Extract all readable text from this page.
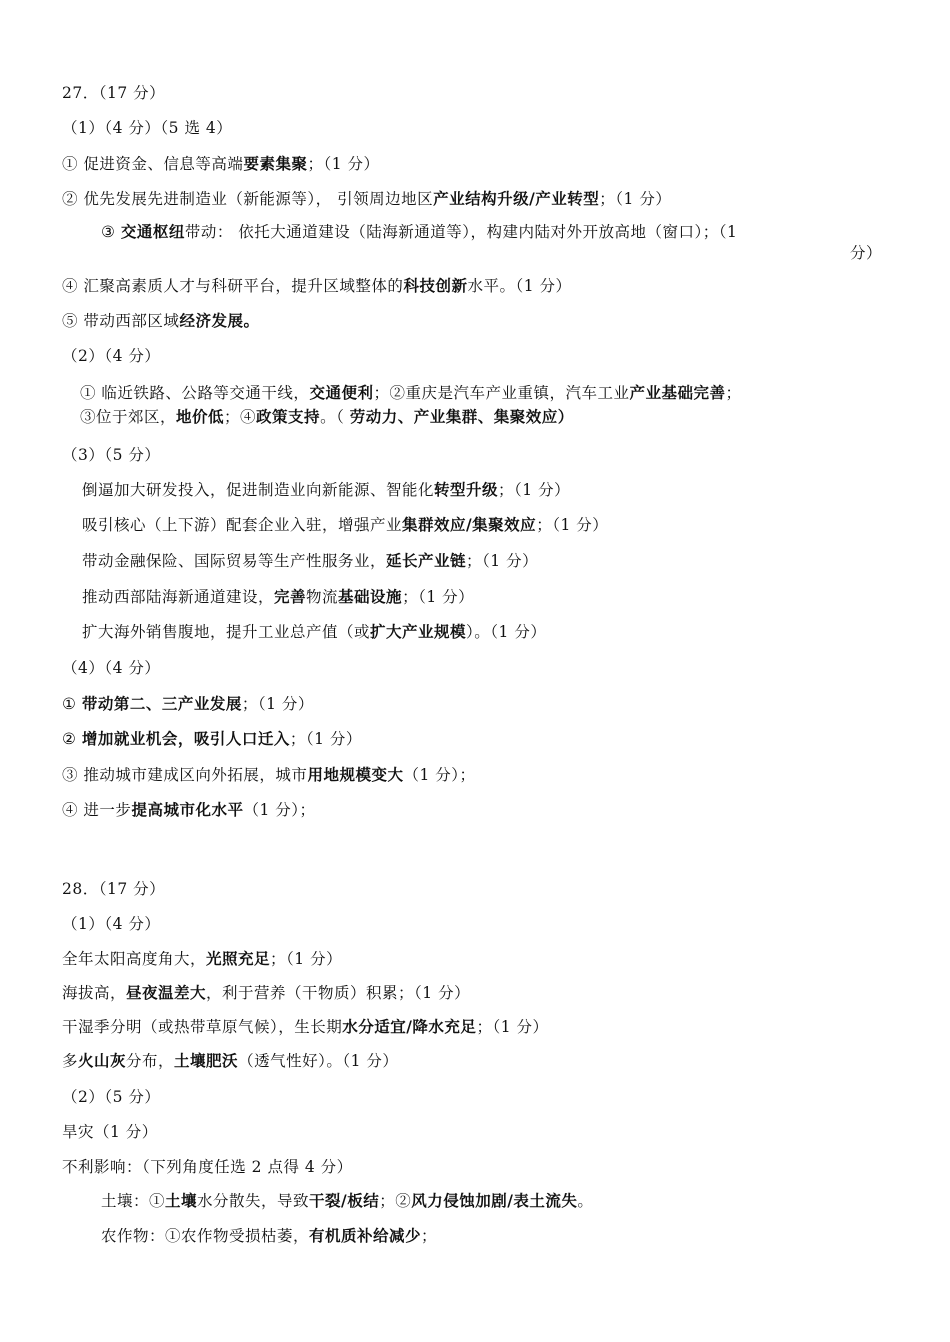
27．（17 分）
（1）（4 分）（5 选 4）
① 促进资金、信息等高端要素集聚；（1 分）
② 优先发展先进制造业（新能源等）， 引领周边地区产业结构升级/产业转型；（1 分）
③ 交通枢纽带动： 依托大通道建设（陆海新通道等），构建内陆对外开放高地（窗口）；（1
分）
④ 汇聚高素质人才与科研平台，提升区域整体的科技创新水平。（1 分）
⑤ 带动西部区域经济发展。
（2）（4 分）
① 临近铁路、公路等交通干线，交通便利；②重庆是汽车产业重镇，汽车工业产业基础完善；
③位于郊区，地价低；④政策支持。（ 劳动力、产业集群、集聚效应）
（3）（5 分）
倒逼加大研发投入，促进制造业向新能源、智能化转型升级；（1 分）
吸引核心（上下游）配套企业入驻，增强产业集群效应/集聚效应；（1 分）
带动金融保险、国际贸易等生产性服务业，延长产业链；（1 分）
推动西部陆海新通道建设，完善物流基础设施；（1 分）
扩大海外销售腹地，提升工业总产值（或扩大产业规模）。（1 分）
（4）（4 分）
① 带动第二、三产业发展；（1 分）
② 增加就业机会，吸引人口迁入；（1 分）
③ 推动城市建成区向外拓展，城市用地规模变大（1 分）；
④ 进一步提高城市化水平（1 分）；
28．（17 分）
（1）（4 分）
全年太阳高度角大，光照充足；（1 分）
海拔高，昼夜温差大，利于营养（干物质）积累；（1 分）
干湿季分明（或热带草原气候），生长期水分适宜/降水充足；（1 分）
多火山灰分布，土壤肥沃（透气性好）。（1 分）
（2）（5 分）
旱灾（1 分）
不利影响：（下列角度任选 2 点得 4 分）
土壤：①土壤水分散失，导致干裂/板结；②风力侵蚀加剧/表土流失。
农作物：①农作物受损枯萎，有机质补给减少；
